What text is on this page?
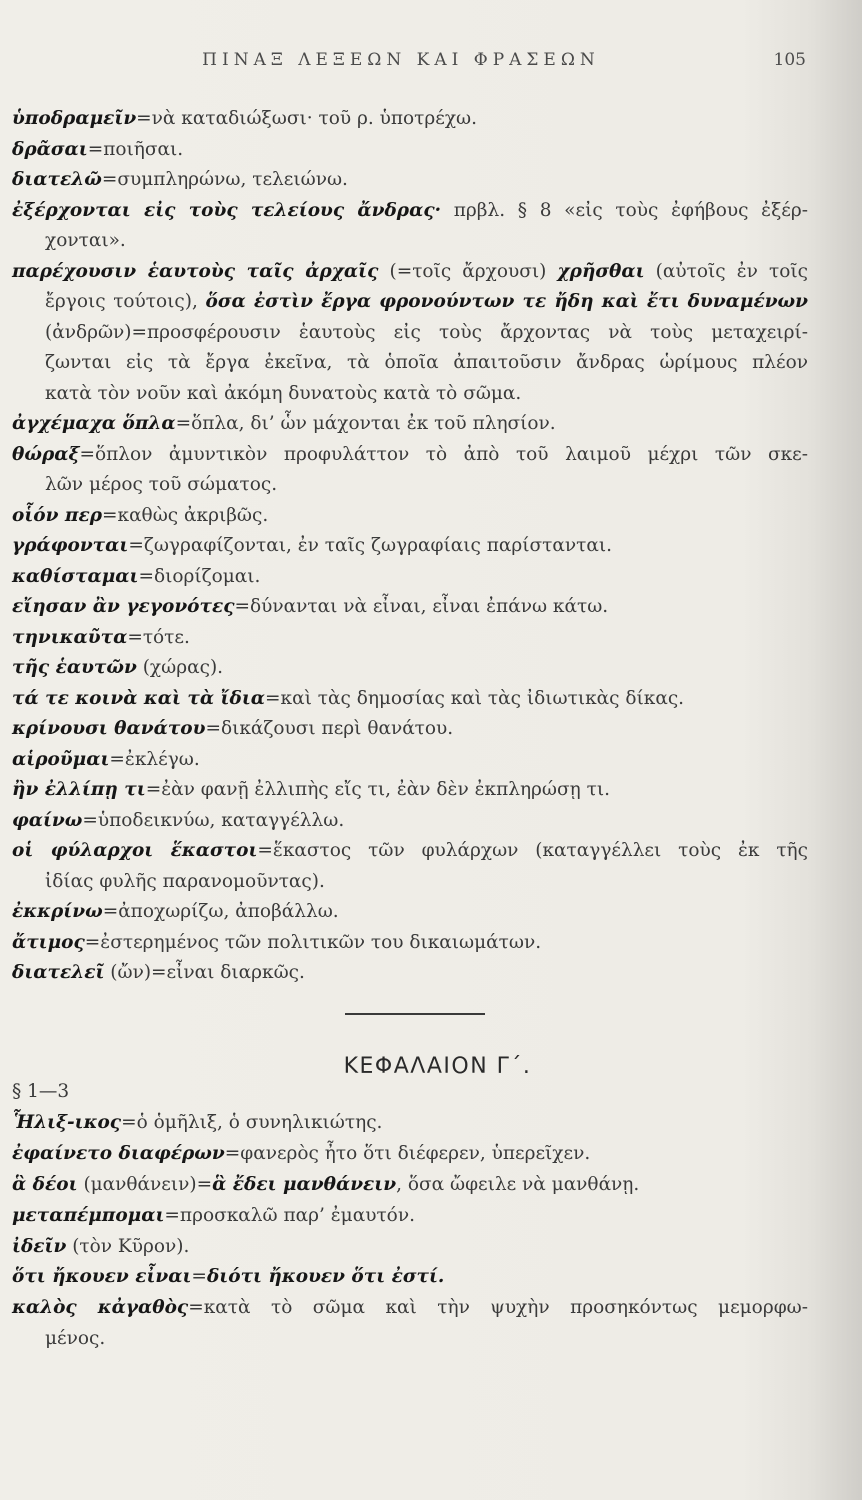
ΠΙΝΑΞ ΛΕΞΕΩΝ ΚΑΙ ΦΡΑΣΕΩΝ	105
ὑποδραμεῖν=νὰ καταδιώξωσι· τοῦ ρ. ὑποτρέχω.
δρᾶσαι=ποιῆσαι.
διατελῶ=συμπληρώνω, τελειώνω.
ἐξέρχονται εἰς τοὺς τελείους ἄνδρας· πρβλ. § 8 «εἰς τοὺς ἐφήβους ἐξέρ-
χονται».
παρέχουσιν ἑαυτοὺς ταῖς ἀρχαῖς (=τοῖς ἄρχουσι) χρῆσθαι (αὐτοῖς ἐν τοῖς
ἔργοις τούτοις), ὅσα ἐστὶν ἔργα φρονούντων τε ἤδη καὶ ἔτι δυναμένων
(ἀνδρῶν)=προσφέρουσιν ἑαυτοὺς εἰς τοὺς ἄρχοντας νὰ τοὺς μεταχειρί-
ζωνται εἰς τὰ ἔργα ἐκεῖνα, τὰ ὁποῖα ἀπαιτοῦσιν ἄνδρας ὡρίμους πλέον
κατὰ τὸν νοῦν καὶ ἀκόμη δυνατοὺς κατὰ τὸ σῶμα.
ἀγχέμαχα ὅπλα=ὅπλα, δι’ ὧν μάχονται ἐκ τοῦ πλησίον.
θώραξ=ὅπλον ἀμυντικὸν προφυλάττον τὸ ἀπὸ τοῦ λαιμοῦ μέχρι τῶν σκε-
λῶν μέρος τοῦ σώματος.
οἷόν περ=καθὼς ἀκριβῶς.
γράφονται=ζωγραφίζονται, ἐν ταῖς ζωγραφίαις παρίστανται.
καθίσταμαι=διορίζομαι.
εἴησαν ἂν γεγονότες=δύνανται νὰ εἶναι, εἶναι ἐπάνω κάτω.
τηνικαῦτα=τότε.
τῆς ἑαυτῶν (χώρας).
τά τε κοινὰ καὶ τὰ ἴδια=καὶ τὰς δημοσίας καὶ τὰς ἰδιωτικὰς δίκας.
κρίνουσι θανάτου=δικάζουσι περὶ θανάτου.
αἱροῦμαι=ἐκλέγω.
ἢν ἐλλίπῃ τι=ἐὰν φανῇ ἐλλιπὴς εἴς τι, ἐὰν δὲν ἐκπληρώσῃ τι.
φαίνω=ὑποδεικνύω, καταγγέλλω.
οἱ φύλαρχοι ἕκαστοι=ἕκαστος τῶν φυλάρχων (καταγγέλλει τοὺς ἐκ τῆς
ἰδίας φυλῆς παρανομοῦντας).
ἐκκρίνω=ἀποχωρίζω, ἀποβάλλω.
ἄτιμος=ἐστερημένος τῶν πολιτικῶν του δικαιωμάτων.
διατελεῖ (ὤν)=εἶναι διαρκῶς.
ΚΕΦΑΛΑΙΟΝ Γ΄.
§ 1—3
Ἧλιξ-ικος=ὁ ὁμῆλιξ, ὁ συνηλικιώτης.
ἐφαίνετο διαφέρων=φανερὸς ἦτο ὅτι διέφερεν, ὑπερεῖχεν.
ἃ δέοι (μανθάνειν)=ἃ ἔδει μανθάνειν, ὅσα ὤφειλε νὰ μανθάνῃ.
μεταπέμπομαι=προσκαλῶ παρ’ ἐμαυτόν.
ἰδεῖν (τὸν Κῦρον).
ὅτι ἤκουεν εἶναι=διότι ἤκουεν ὅτι ἐστί.
καλὸς κἀγαθὸς=κατὰ τὸ σῶμα καὶ τὴν ψυχὴν προσηκόντως μεμορφω-
μένος.
